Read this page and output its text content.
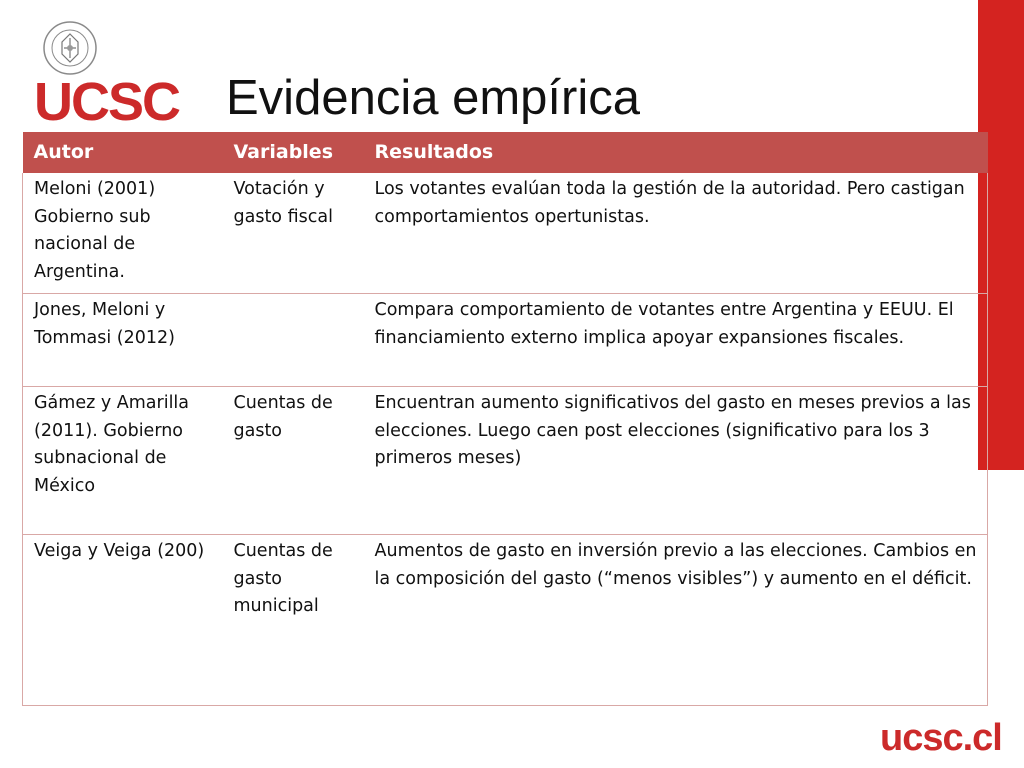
UCSC Evidencia empírica
Autor	Variables	Resultados
Meloni (2001) Gobierno sub nacional de Argentina.	Votación y gasto fiscal	Los votantes evalúan toda la gestión de la autoridad. Pero castigan comportamientos opertunistas.
Jones, Meloni y Tommasi (2012)		Compara comportamiento de votantes entre Argentina y EEUU. El financiamiento externo implica apoyar expansiones fiscales.
Gámez y Amarilla (2011). Gobierno subnacional de México	Cuentas de gasto	Encuentran aumento significativos del gasto en meses previos a las elecciones. Luego caen post elecciones (significativo para los 3 primeros meses)
Veiga y Veiga (200)	Cuentas de gasto municipal	Aumentos de gasto en inversión previo a las elecciones. Cambios en la composición del gasto (“menos visibles”) y aumento en el déficit.
ucsc.cl
